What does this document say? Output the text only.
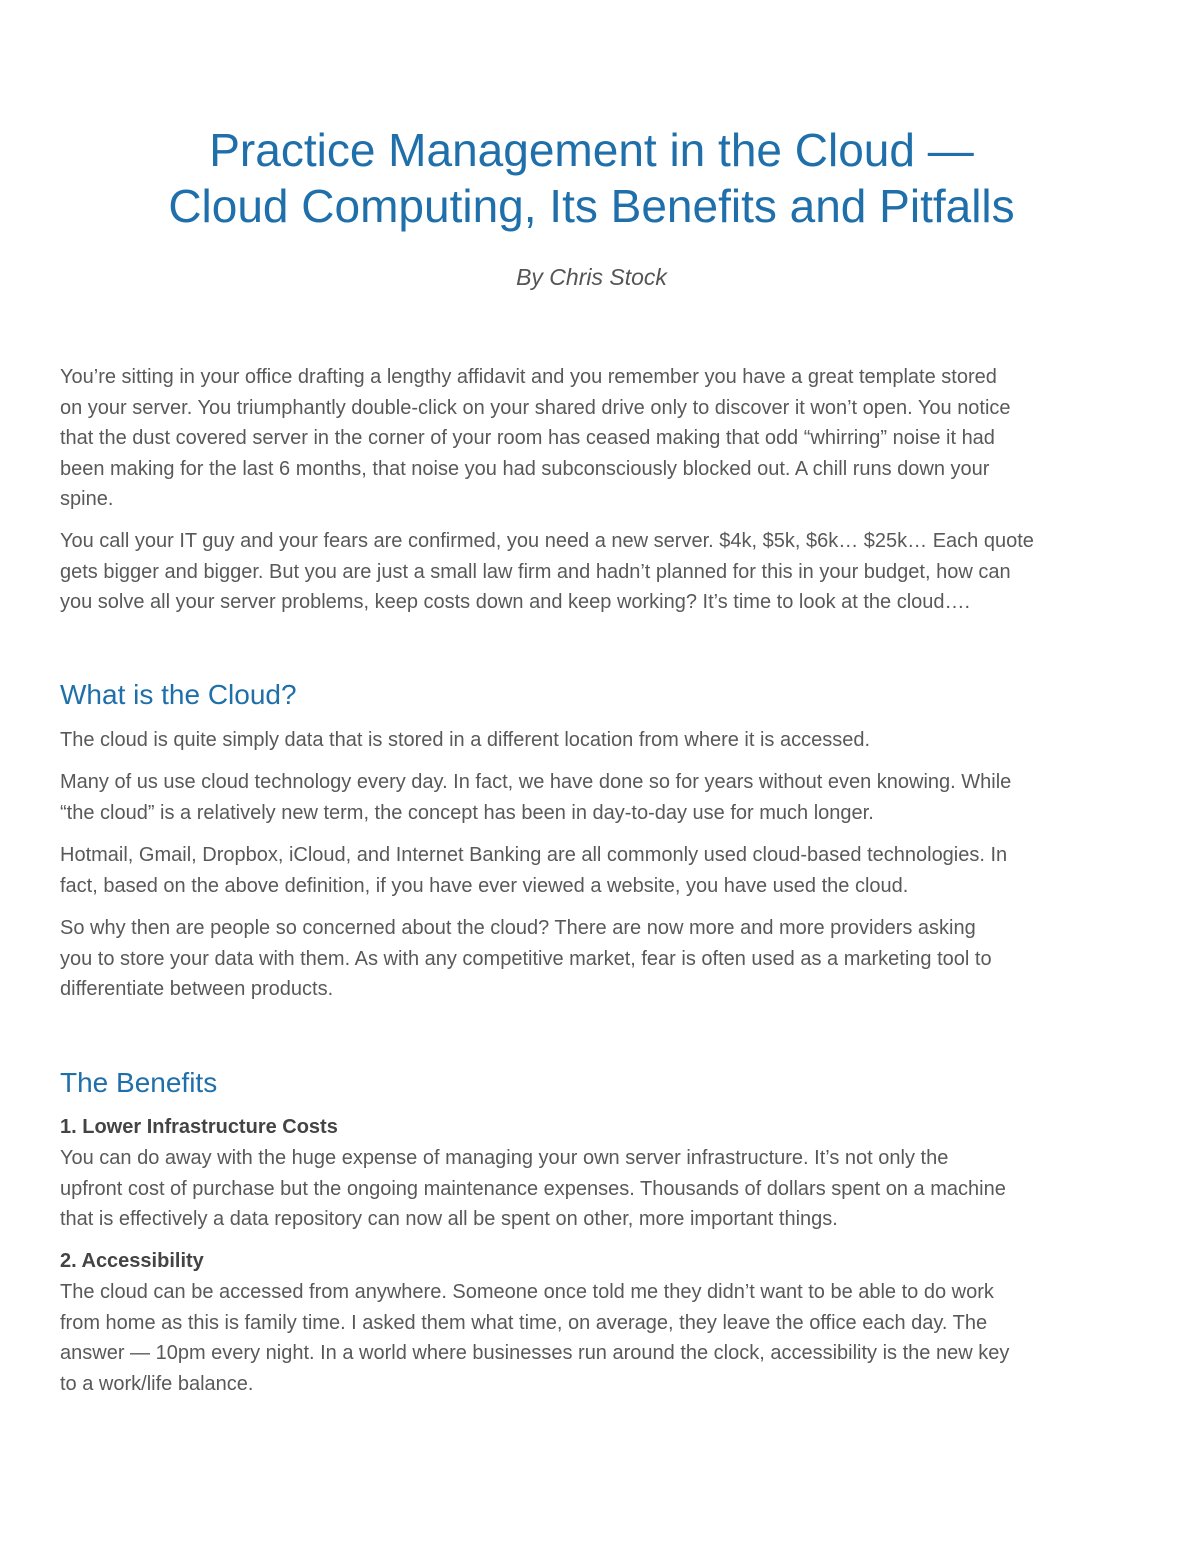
Practice Management in the Cloud —
Cloud Computing, Its Benefits and Pitfalls

By Chris Stock

You’re sitting in your office drafting a lengthy affidavit and you remember you have a great template stored
on your server. You triumphantly double-click on your shared drive only to discover it won’t open. You notice
that the dust covered server in the corner of your room has ceased making that odd “whirring” noise it had
been making for the last 6 months, that noise you had subconsciously blocked out. A chill runs down your
spine.

You call your IT guy and your fears are confirmed, you need a new server. $4k, $5k, $6k… $25k… Each quote
gets bigger and bigger. But you are just a small law firm and hadn’t planned for this in your budget, how can
you solve all your server problems, keep costs down and keep working? It’s time to look at the cloud….

What is the Cloud?

The cloud is quite simply data that is stored in a different location from where it is accessed.

Many of us use cloud technology every day. In fact, we have done so for years without even knowing. While
“the cloud” is a relatively new term, the concept has been in day-to-day use for much longer.

Hotmail, Gmail, Dropbox, iCloud, and Internet Banking are all commonly used cloud-based technologies. In
fact, based on the above definition, if you have ever viewed a website, you have used the cloud.

So why then are people so concerned about the cloud? There are now more and more providers asking
you to store your data with them. As with any competitive market, fear is often used as a marketing tool to
differentiate between products.

The Benefits
1. Lower Infrastructure Costs

You can do away with the huge expense of managing your own server infrastructure. It’s not only the
upfront cost of purchase but the ongoing maintenance expenses. Thousands of dollars spent on a machine
that is effectively a data repository can now all be spent on other, more important things.

2. Accessibility

The cloud can be accessed from anywhere. Someone once told me they didn’t want to be able to do work
from home as this is family time. I asked them what time, on average, they leave the office each day. The
answer — 10pm every night. In a world where businesses run around the clock, accessibility is the new key
to a work/life balance.
